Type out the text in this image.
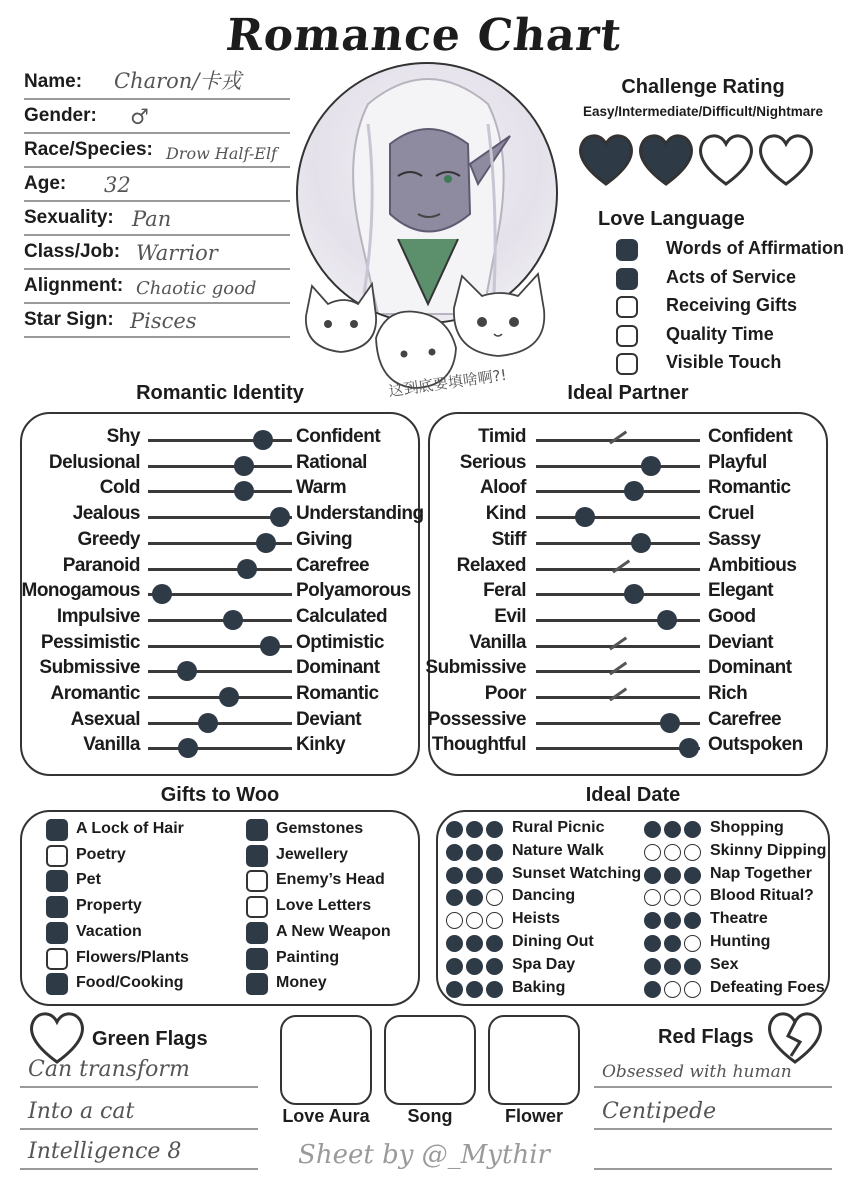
Romance Chart
Name: Charon/卡戎
Gender: ♂
Race/Species: Drow Half-Elf
Age: 32
Sexuality: Pan
Class/Job: Warrior
Alignment: Chaotic good
Star Sign: Pisces
这到底要填啥啊?!
Challenge Rating
Easy/Intermediate/Difficult/Nightmare
Love Language
Words of Affirmation
Acts of Service
Receiving Gifts
Quality Time
Visible Touch
Romantic Identity
Shy	Confident
Delusional	Rational
Cold	Warm
Jealous	Understanding
Greedy	Giving
Paranoid	Carefree
Monogamous	Polyamorous
Impulsive	Calculated
Pessimistic	Optimistic
Submissive	Dominant
Aromantic	Romantic
Asexual	Deviant
Vanilla	Kinky
Ideal Partner
Timid	Confident
Serious	Playful
Aloof	Romantic
Kind	Cruel
Stiff	Sassy
Relaxed	Ambitious
Feral	Elegant
Evil	Good
Vanilla	Deviant
Submissive	Dominant
Poor	Rich
Possessive	Carefree
Thoughtful	Outspoken
Gifts to Woo
A Lock of Hair
Poetry
Pet
Property
Vacation
Flowers/Plants
Food/Cooking
Gemstones
Jewellery
Enemy’s Head
Love Letters
A New Weapon
Painting
Money
Ideal Date
Rural Picnic
Nature Walk
Sunset Watching
Dancing
Heists
Dining Out
Spa Day
Baking
Shopping
Skinny Dipping
Nap Together
Blood Ritual ?
Theatre
Hunting
Sex
Defeating Foes
Green Flags
Can transform
Into a cat
Intelligence 8
Love Aura	Song	Flower
Red Flags
Obsessed with human
Centipede
Sheet by @_Mythir
